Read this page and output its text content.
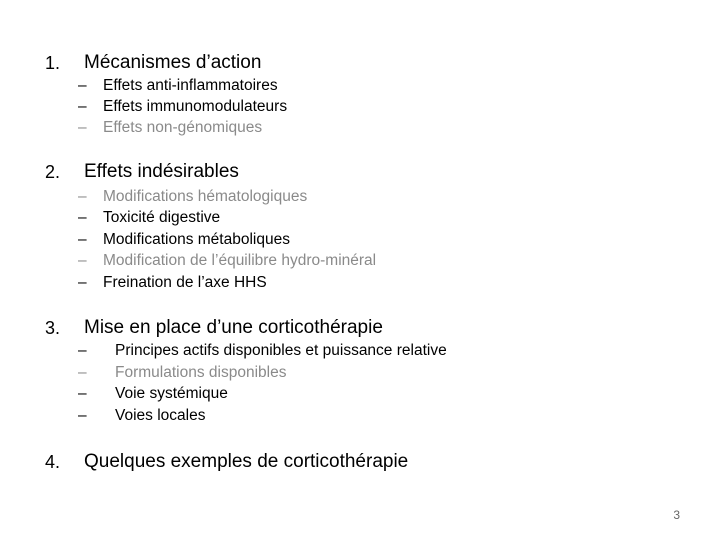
1. Mécanismes d’action
– Effets anti-inflammatoires
– Effets immunomodulateurs
– Effets non-génomiques
2. Effets indésirables
– Modifications hématologiques
– Toxicité digestive
– Modifications métaboliques
– Modification de l’équilibre hydro-minéral
– Freination de l’axe HHS
3. Mise en place d’une corticothérapie
– Principes actifs disponibles et puissance relative
– Formulations disponibles
– Voie systémique
– Voies locales
4. Quelques exemples de corticothérapie
3
